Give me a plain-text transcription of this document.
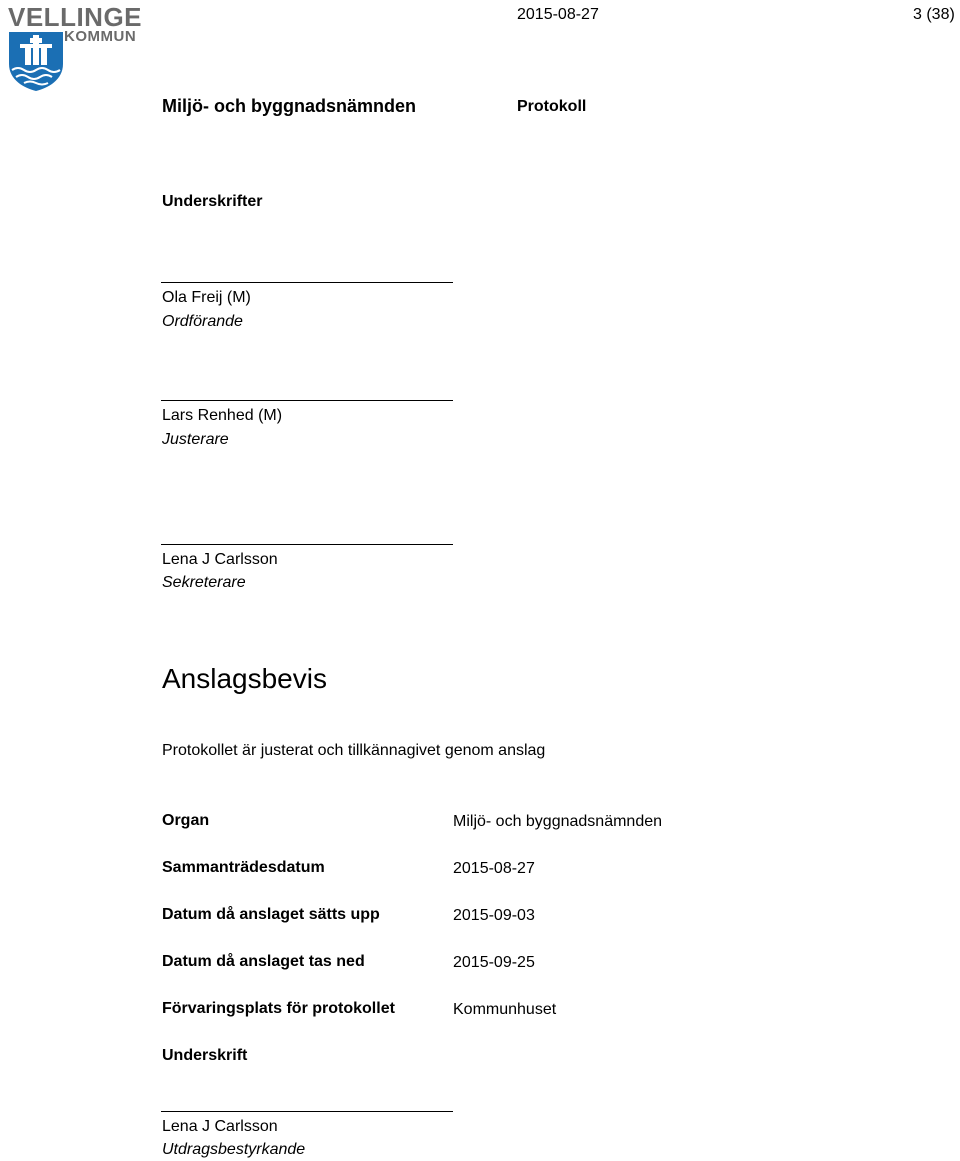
VELLINGE
KOMMUN
2015-08-27	3 (38)
Miljö- och byggnadsnämnden	Protokoll
Underskrifter
Ola Freij (M)
Ordförande
Lars Renhed (M)
Justerare
Lena J Carlsson
Sekreterare
Anslagsbevis
Protokollet är justerat och tillkännagivet genom anslag
Organ	Miljö- och byggnadsnämnden
Sammanträdesdatum	2015-08-27
Datum då anslaget sätts upp	2015-09-03
Datum då anslaget tas ned	2015-09-25
Förvaringsplats för protokollet	Kommunhuset
Underskrift
Lena J Carlsson
Utdragsbestyrkande
